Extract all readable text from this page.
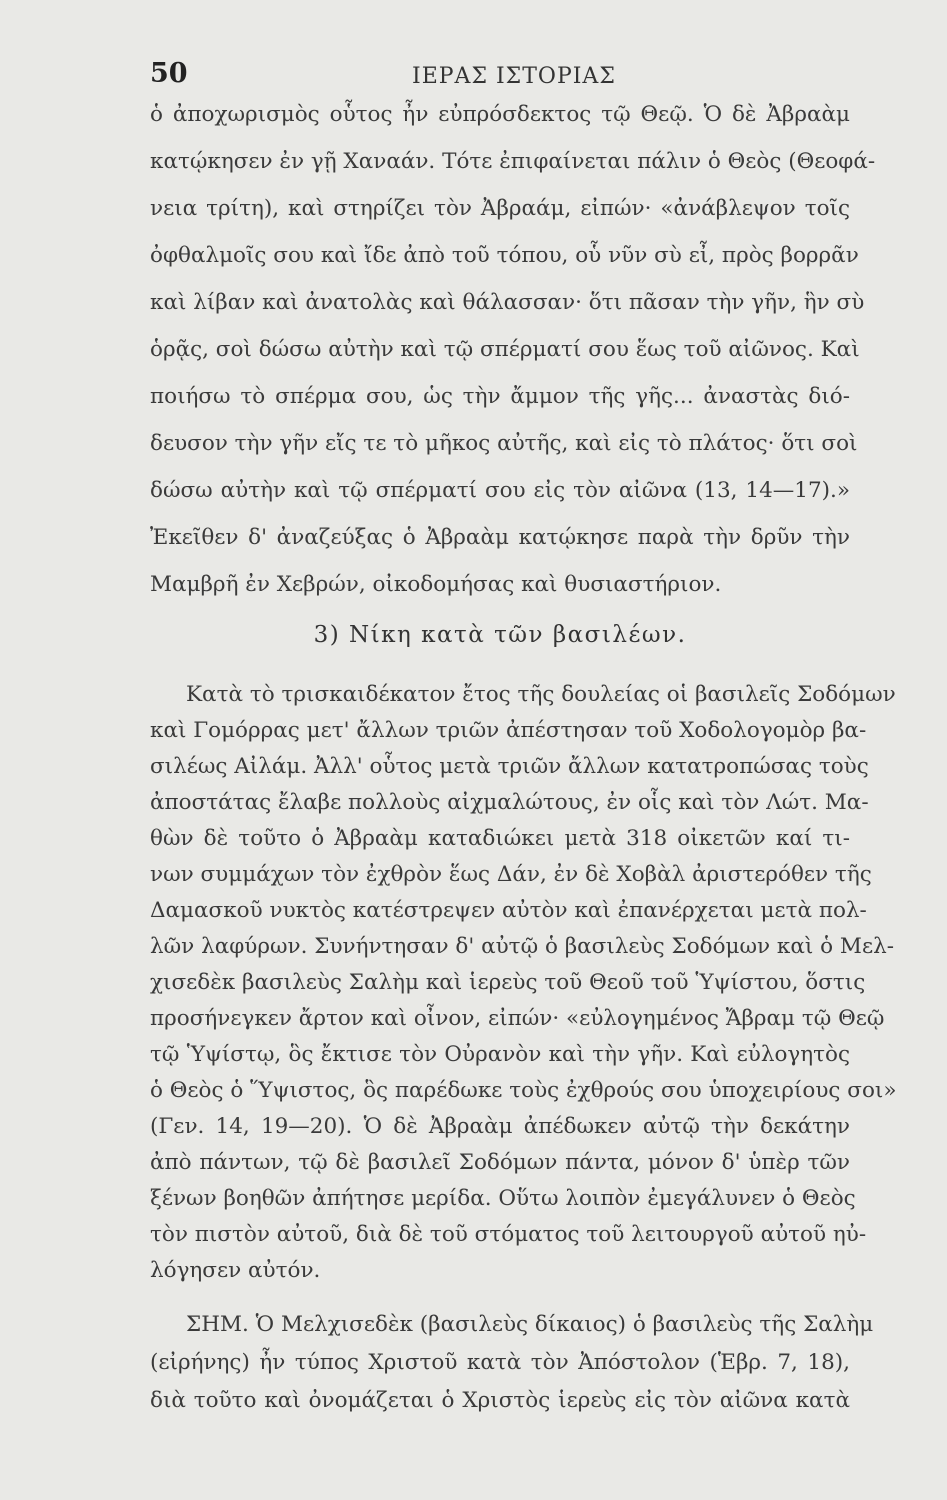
50	ΙΕΡΑΣ ΙΣΤΟΡΙΑΣ
ὁ ἀποχωρισμὸς οὗτος ἦν εὐπρόσδεκτος τῷ Θεῷ. Ὁ δὲ Ἀβραὰμ
κατῴκησεν ἐν γῇ Χαναάν. Τότε ἐπιφαίνεται πάλιν ὁ Θεὸς (Θεοφά-
νεια τρίτη), καὶ στηρίζει τὸν Ἀβραάμ, εἰπών· «ἀνάβλεψον τοῖς
ὀφθαλμοῖς σου καὶ ἴδε ἀπὸ τοῦ τόπου, οὗ νῦν σὺ εἶ, πρὸς βορρᾶν
καὶ λίβαν καὶ ἀνατολὰς καὶ θάλασσαν· ὅτι πᾶσαν τὴν γῆν, ἣν σὺ
ὁρᾷς, σοὶ δώσω αὐτὴν καὶ τῷ σπέρματί σου ἕως τοῦ αἰῶνος. Καὶ
ποιήσω τὸ σπέρμα σου, ὡς τὴν ἄμμον τῆς γῆς... ἀναστὰς διό-
δευσον τὴν γῆν εἴς τε τὸ μῆκος αὐτῆς, καὶ εἰς τὸ πλάτος· ὅτι σοὶ
δώσω αὐτὴν καὶ τῷ σπέρματί σου εἰς τὸν αἰῶνα (13, 14—17).»
Ἐκεῖθεν δ' ἀναζεύξας ὁ Ἀβραὰμ κατῴκησε παρὰ τὴν δρῦν τὴν
Μαμβρῆ ἐν Χεβρών, οἰκοδομήσας καὶ θυσιαστήριον.
3) Νίκη κατὰ τῶν βασιλέων.
Κατὰ τὸ τρισκαιδέκατον ἔτος τῆς δουλείας οἱ βασιλεῖς Σοδόμων
καὶ Γομόρρας μετ' ἄλλων τριῶν ἀπέστησαν τοῦ Χοδολογομὸρ βα-
σιλέως Αἰλάμ. Ἀλλ' οὗτος μετὰ τριῶν ἄλλων κατατροπώσας τοὺς
ἀποστάτας ἔλαβε πολλοὺς αἰχμαλώτους, ἐν οἷς καὶ τὸν Λώτ. Μα-
θὼν δὲ τοῦτο ὁ Ἀβραὰμ καταδιώκει μετὰ 318 οἰκετῶν καί τι-
νων συμμάχων τὸν ἐχθρὸν ἕως Δάν, ἐν δὲ Χοβὰλ ἀριστερόθεν τῆς
Δαμασκοῦ νυκτὸς κατέστρεψεν αὐτὸν καὶ ἐπανέρχεται μετὰ πολ-
λῶν λαφύρων. Συνήντησαν δ' αὐτῷ ὁ βασιλεὺς Σοδόμων καὶ ὁ Μελ-
χισεδὲκ βασιλεὺς Σαλὴμ καὶ ἱερεὺς τοῦ Θεοῦ τοῦ Ὑψίστου, ὅστις
προσήνεγκεν ἄρτον καὶ οἶνον, εἰπών· «εὐλογημένος Ἄβραμ τῷ Θεῷ
τῷ Ὑψίστῳ, ὃς ἔκτισε τὸν Οὐρανὸν καὶ τὴν γῆν. Καὶ εὐλογητὸς
ὁ Θεὸς ὁ Ὕψιστος, ὃς παρέδωκε τοὺς ἐχθρούς σου ὑποχειρίους σοι»
(Γεν. 14, 19—20). Ὁ δὲ Ἀβραὰμ ἀπέδωκεν αὐτῷ τὴν δεκάτην
ἀπὸ πάντων, τῷ δὲ βασιλεῖ Σοδόμων πάντα, μόνον δ' ὑπὲρ τῶν
ξένων βοηθῶν ἀπήτησε μερίδα. Οὕτω λοιπὸν ἐμεγάλυνεν ὁ Θεὸς
τὸν πιστὸν αὐτοῦ, διὰ δὲ τοῦ στόματος τοῦ λειτουργοῦ αὐτοῦ ηὐ-
λόγησεν αὐτόν.
ΣΗΜ. Ὁ Μελχισεδὲκ (βασιλεὺς δίκαιος) ὁ βασιλεὺς τῆς Σαλὴμ
(εἰρήνης) ἦν τύπος Χριστοῦ κατὰ τὸν Ἀπόστολον (Ἑβρ. 7, 18),
διὰ τοῦτο καὶ ὀνομάζεται ὁ Χριστὸς ἱερεὺς εἰς τὸν αἰῶνα κατὰ
